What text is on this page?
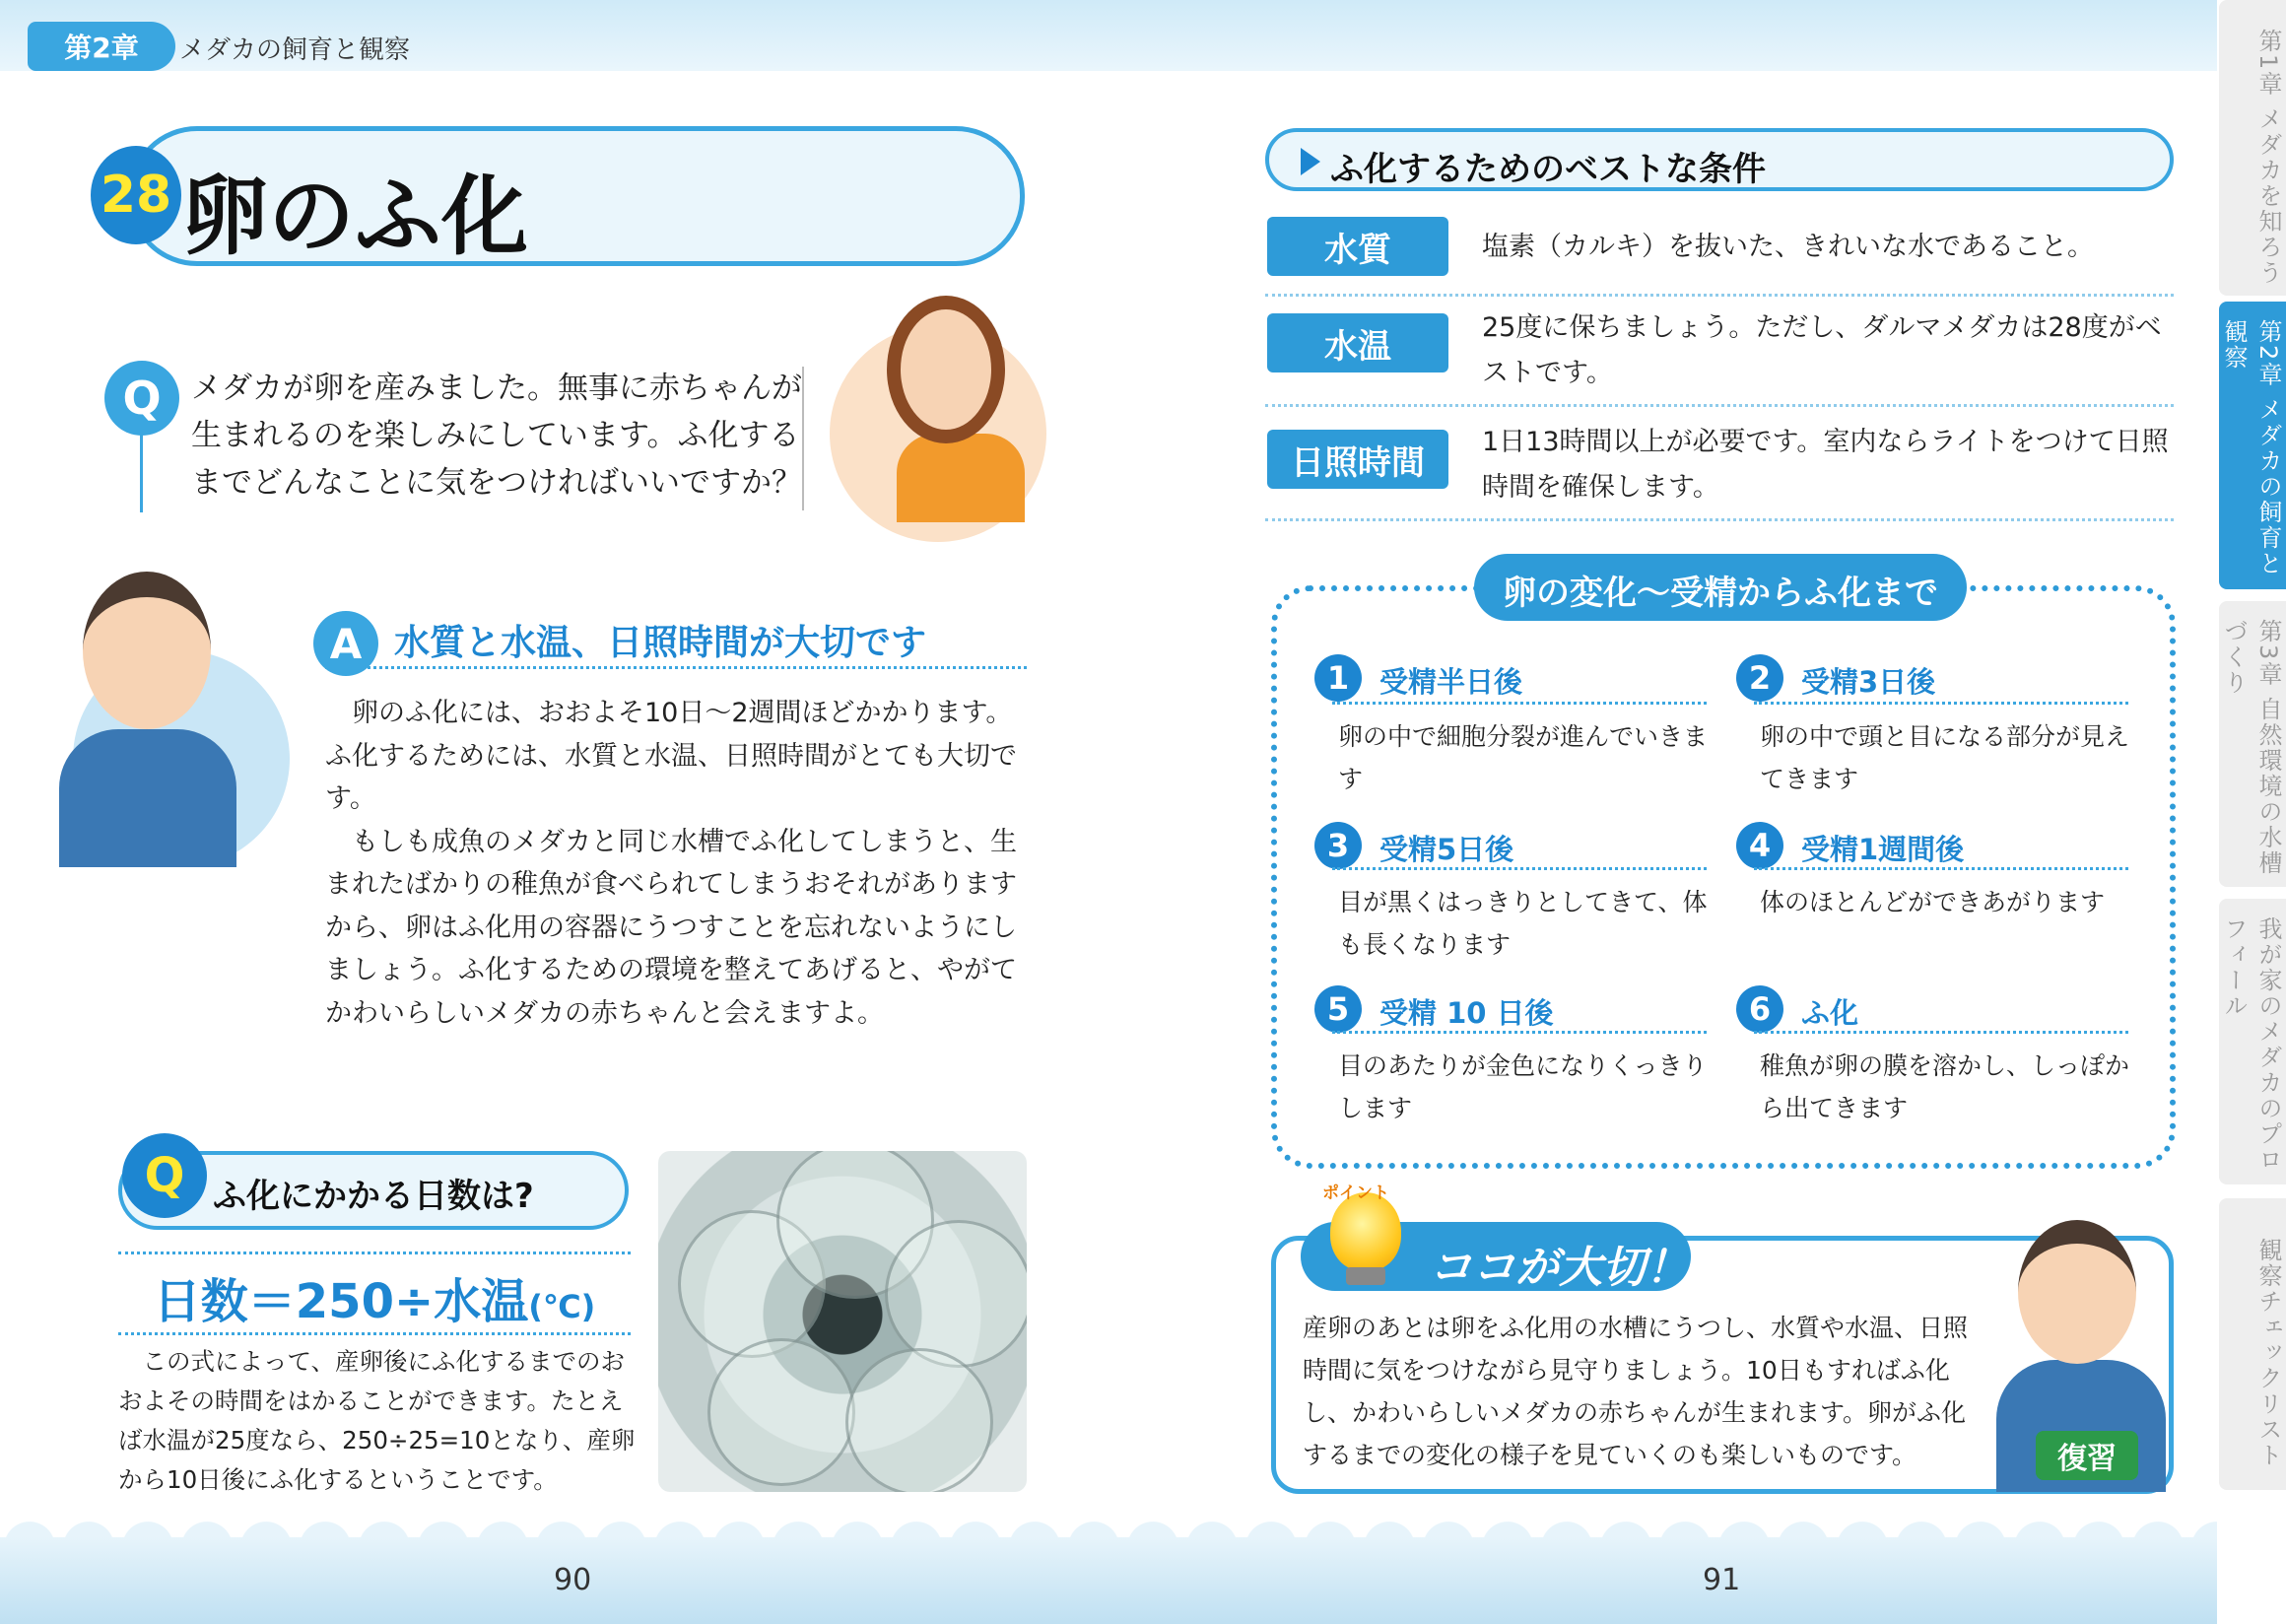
第2章	メダカの飼育と観察	第1章 メダカを知ろう
第2章 メダカの飼育と観察
第3章 自然環境の水槽づくり
我が家のメダカのプロフィール
観察チェックリスト
28 卵のふ化
Q メダカが卵を産みました。無事に赤ちゃんが生まれるのを楽しみにしています。ふ化するまでどんなことに気をつければいいですか？
A 水質と水温、日照時間が大切です

卵のふ化には、おおよそ10日～2週間ほどかかります。ふ化するためには、水質と水温、日照時間がとても大切です。

もしも成魚のメダカと同じ水槽でふ化してしまうと、生まれたばかりの稚魚が食べられてしまうおそれがありますから、卵はふ化用の容器にうつすことを忘れないようにしましょう。ふ化するための環境を整えてあげると、やがてかわいらしいメダカの赤ちゃんと会えますよ。

Q ふ化にかかる日数は?
日数＝250÷水温(℃)
この式によって、産卵後にふ化するまでのおおよその時間をはかることができます。たとえば水温が25度なら、250÷25=10となり、産卵から10日後にふ化するということです。
ふ化するためのベストな条件
水質	塩素（カルキ）を抜いた、きれいな水であること。
水温	25度に保ちましょう。ただし、ダルマメダカは28度がベストです。
日照時間
1日13時間以上が必要です。室内ならライトをつけて日照時間を確保します。
卵の変化～受精からふ化まで
1	受精半日後
卵の中で細胞分裂が進んでいきます
2	受精3日後
卵の中で頭と目になる部分が見えてきます
3	受精5日後
目が黒くはっきりとしてきて、体も長くなります
4	受精1週間後
体のほとんどができあがります
5	受精 10 日後
目のあたりが金色になりくっきりします
6	ふ化
稚魚が卵の膜を溶かし、しっぽから出てきます
ポイント
ココが大切！
産卵のあとは卵をふ化用の水槽にうつし、水質や水温、日照時間に気をつけながら見守りましょう。10日もすればふ化し、かわいらしいメダカの赤ちゃんが生まれます。卵がふ化するまでの変化の様子を見ていくのも楽しいものです。	復習
90	91
